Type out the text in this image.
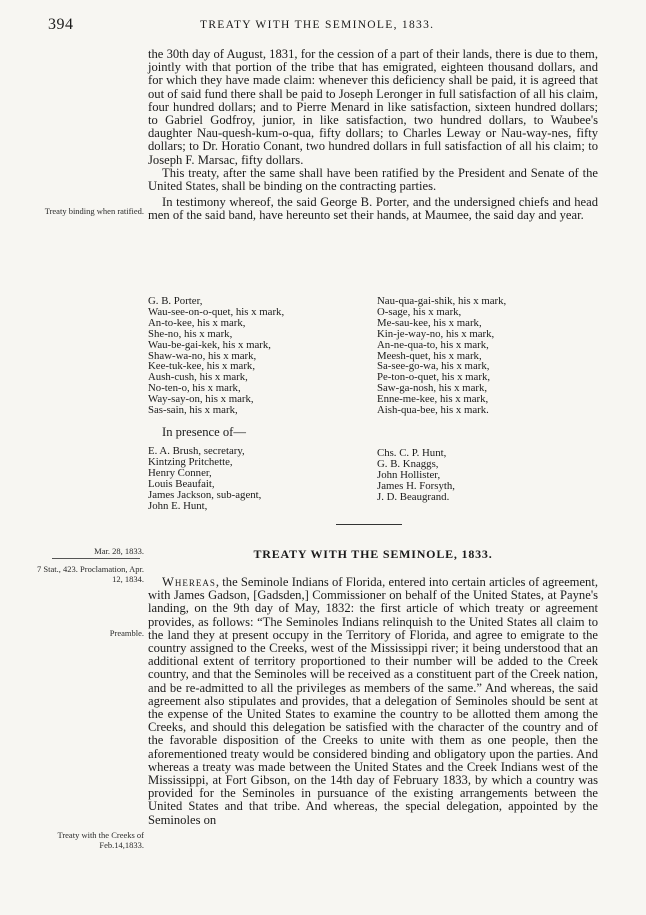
394	TREATY WITH THE SEMINOLE, 1833.

the 30th day of August, 1831, for the cession of a part of their lands, there is due to them, jointly with that portion of the tribe that has emigrated, eighteen thousand dollars, and for which they have made claim: whenever this deficiency shall be paid, it is agreed that out of said fund there shall be paid to Joseph Leronger in full satisfaction of all his claim, four hundred dollars; and to Pierre Menard in like satisfaction, sixteen hundred dollars; to Gabriel Godfroy, junior, in like satisfaction, two hundred dollars, to Waubee's daughter Nau-quesh-kum-o-qua, fifty dollars; to Charles Leway or Nau-way-nes, fifty dollars; to Dr. Horatio Conant, two hundred dollars in full satisfaction of all his claim; to Joseph F. Marsac, fifty dollars.

This treaty, after the same shall have been ratified by the President and Senate of the United States, shall be binding on the contracting parties.

In testimony whereof, the said George B. Porter, and the undersigned chiefs and head men of the said band, have hereunto set their hands, at Maumee, the said day and year.

Treaty binding when ratified.
G. B. Porter,
Wau-see-on-o-quet, his x mark,
An-to-kee, his x mark,
She-no, his x mark,
Wau-be-gai-kek, his x mark,
Shaw-wa-no, his x mark,
Kee-tuk-kee, his x mark,
Aush-cush, his x mark,
No-ten-o, his x mark,
Way-say-on, his x mark,
Sas-sain, his x mark,
Nau-qua-gai-shik, his x mark,
O-sage, his x mark,
Me-sau-kee, his x mark,
Kin-je-way-no, his x mark,
An-ne-qua-to, his x mark,
Meesh-quet, his x mark,
Sa-see-go-wa, his x mark,
Pe-ton-o-quet, his x mark,
Saw-ga-nosh, his x mark,
Enne-me-kee, his x mark,
Aish-qua-bee, his x mark.
In presence of—
E. A. Brush, secretary,
Kintzing Pritchette,
Henry Conner,
Louis Beaufait,
James Jackson, sub-agent,
John E. Hunt,
Chs. C. P. Hunt,
G. B. Knaggs,
John Hollister,
James H. Forsyth,
J. D. Beaugrand.
Mar. 28, 1833.
7 Stat., 423. Proclamation, Apr. 12, 1834.
TREATY WITH THE SEMINOLE, 1833.

Whereas, the Seminole Indians of Florida, entered into certain articles of agreement, with James Gadson, [Gadsden,] Commissioner on behalf of the United States, at Payne's landing, on the 9th day of May, 1832: the first article of which treaty or agreement provides, as follows: “The Seminoles Indians relinquish to the United States all claim to the land they at present occupy in the Territory of Florida, and agree to emigrate to the country assigned to the Creeks, west of the Mississippi river; it being understood that an additional extent of territory proportioned to their number will be added to the Creek country, and that the Seminoles will be received as a constituent part of the Creek nation, and be re-admitted to all the privileges as members of the same.” And whereas, the said agreement also stipulates and provides, that a delegation of Seminoles should be sent at the expense of the United States to examine the country to be allotted them among the Creeks, and should this delegation be satisfied with the character of the country and of the favorable disposition of the Creeks to unite with them as one people, then the aforementioned treaty would be considered binding and obligatory upon the parties. And whereas a treaty was made between the United States and the Creek Indians west of the Mississippi, at Fort Gibson, on the 14th day of February 1833, by which a country was provided for the Seminoles in pursuance of the existing arrangements between the United States and that tribe. And whereas, the special delegation, appointed by the Seminoles on

Preamble.
Treaty with the Creeks of Feb.14,1833.
